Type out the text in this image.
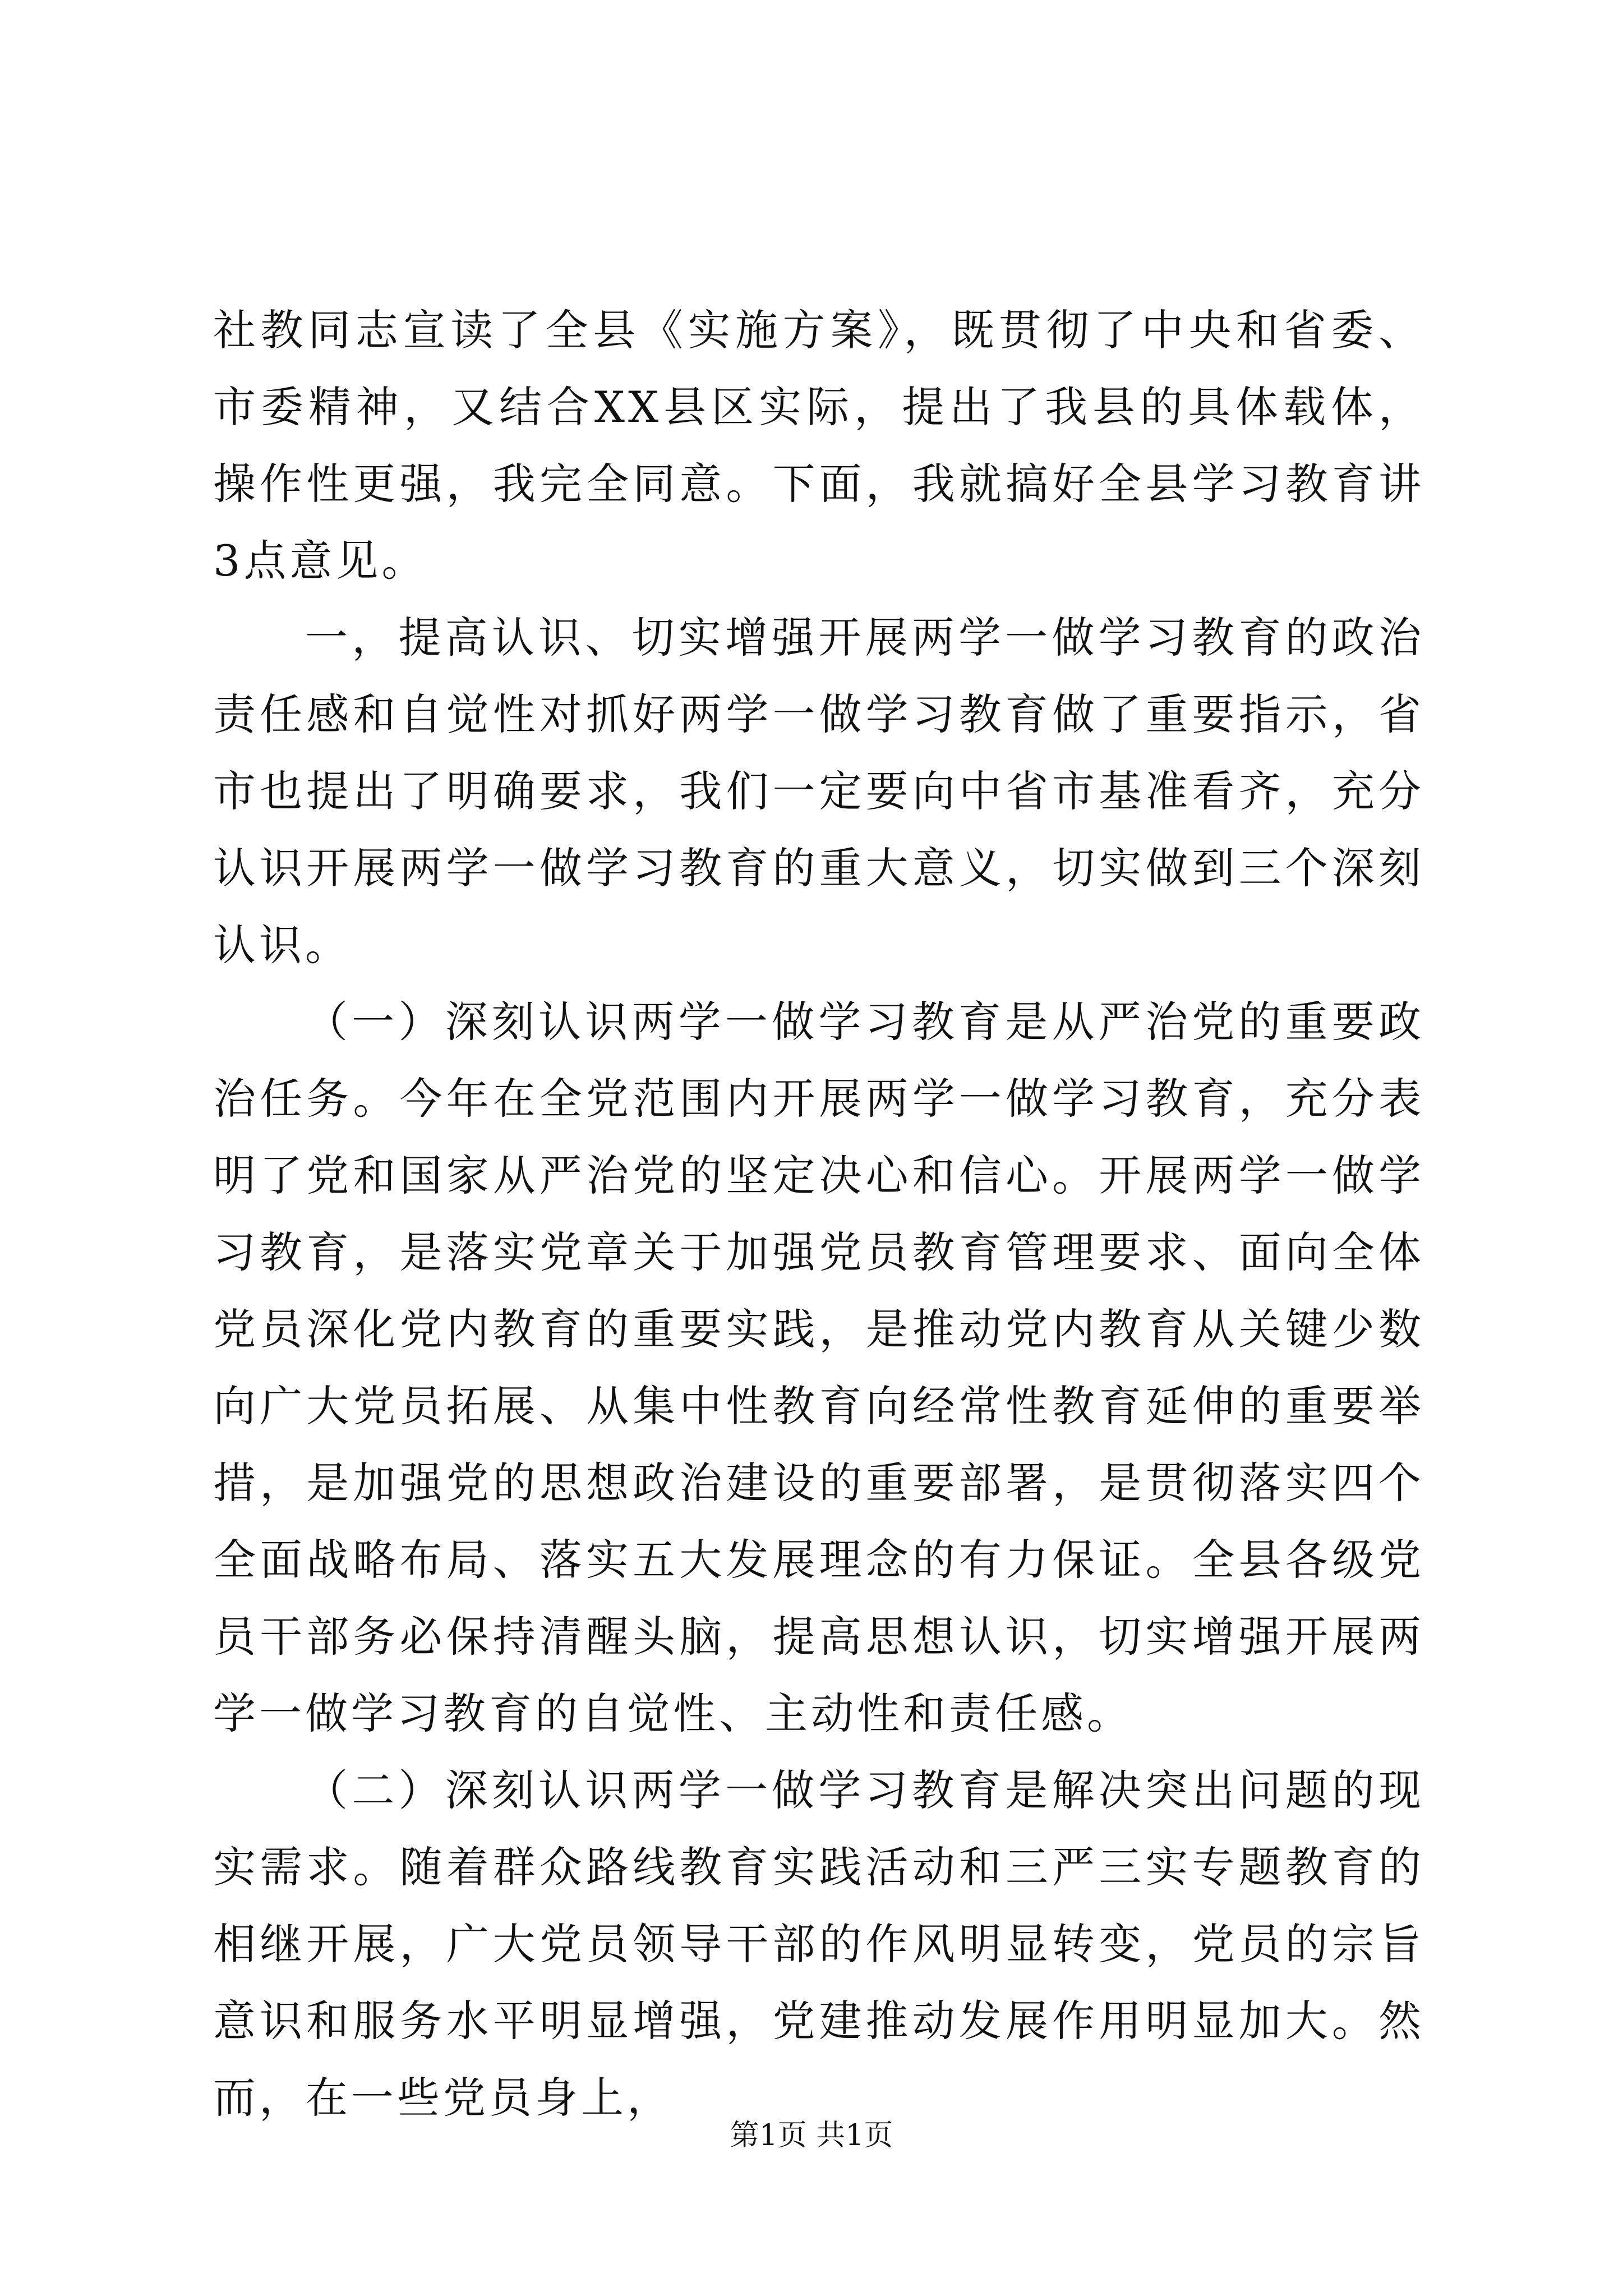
社教同志宣读了全县《实施方案》，既贯彻了中央和省委、市委精神，又结合XX县区实际，提出了我县的具体载体，操作性更强，我完全同意。下面，我就搞好全县学习教育讲3点意见。

一，提高认识、切实增强开展两学一做学习教育的政治责任感和自觉性对抓好两学一做学习教育做了重要指示，省市也提出了明确要求，我们一定要向中省市基准看齐，充分认识开展两学一做学习教育的重大意义，切实做到三个深刻认识。

（一）深刻认识两学一做学习教育是从严治党的重要政治任务。今年在全党范围内开展两学一做学习教育，充分表明了党和国家从严治党的坚定决心和信心。开展两学一做学习教育，是落实党章关于加强党员教育管理要求、面向全体党员深化党内教育的重要实践，是推动党内教育从关键少数向广大党员拓展、从集中性教育向经常性教育延伸的重要举措，是加强党的思想政治建设的重要部署，是贯彻落实四个全面战略布局、落实五大发展理念的有力保证。全县各级党员干部务必保持清醒头脑，提高思想认识，切实增强开展两学一做学习教育的自觉性、主动性和责任感。

（二）深刻认识两学一做学习教育是解决突出问题的现实需求。随着群众路线教育实践活动和三严三实专题教育的相继开展，广大党员领导干部的作风明显转变，党员的宗旨意识和服务水平明显增强，党建推动发展作用明显加大。然而，在一些党员身上，

第1页 共1页
